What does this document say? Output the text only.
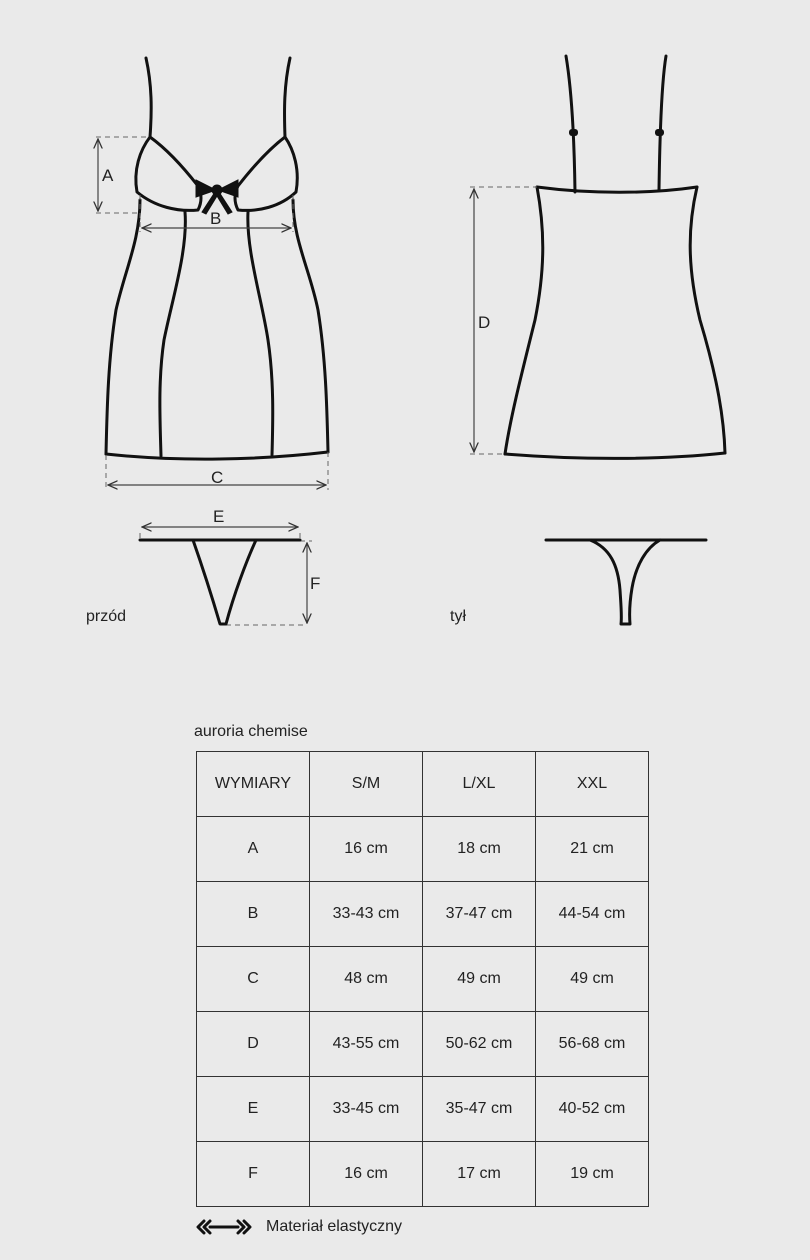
A
B
C
E
F
D
przód	tył
auroria chemise
WYMIARY	S/M	L/XL	XXL
A	16 cm	18 cm	21 cm
B	33-43 cm	37-47 cm	44-54 cm
C	48 cm	49 cm	49 cm
D	43-55 cm	50-62 cm	56-68 cm
E	33-45 cm	35-47 cm	40-52 cm
F	16 cm	17 cm	19 cm
Materiał elastyczny
